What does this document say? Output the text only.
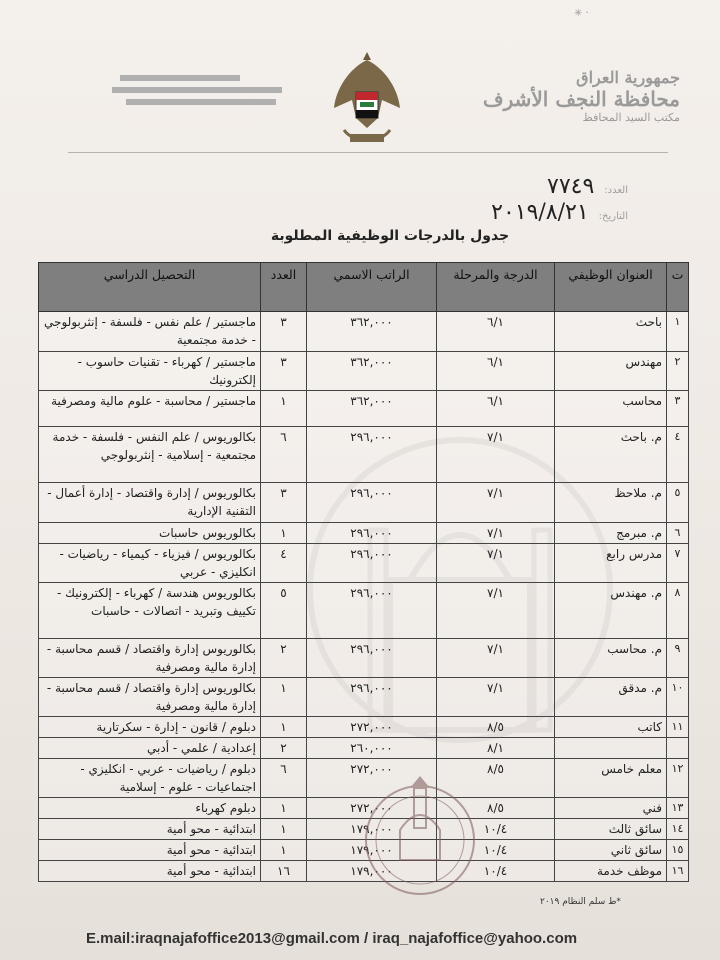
✳ ·
جمهورية العراق
محافظة النجف الأشرف
مكتب السيد المحافظ
العدد:
٧٧٤٩
التاريخ:
٢٠١٩/٨/٢١
جدول بالدرجات الوظيفية المطلوبة
ت	العنوان الوظيفي	الدرجة والمرحلة	الراتب الاسمي	العدد	التحصيل الدراسي
١	باحث	٦/١	٣٦٢,٠٠٠	٣	ماجستير / علم نفس - فلسفة - إنثربولوجي - خدمة مجتمعية
٢	مهندس	٦/١	٣٦٢,٠٠٠	٣	ماجستير / كهرباء - تقنيات حاسوب - إلكترونيك
٣	محاسب	٦/١	٣٦٢,٠٠٠	١	ماجستير / محاسبة - علوم مالية ومصرفية
٤	م. باحث	٧/١	٢٩٦,٠٠٠	٦	بكالوريوس / علم النفس - فلسفة - خدمة مجتمعية - إسلامية - إنثربولوجي
٥	م. ملاحظ	٧/١	٢٩٦,٠٠٠	٣	بكالوريوس / إدارة واقتصاد - إدارة أعمال - التقنية الإدارية
٦	م. مبرمج	٧/١	٢٩٦,٠٠٠	١	بكالوريوس حاسبات
٧	مدرس رابع	٧/١	٢٩٦,٠٠٠	٤	بكالوريوس / فيزياء - كيمياء - رياضيات - انكليزي - عربي
٨	م. مهندس	٧/١	٢٩٦,٠٠٠	٥	بكالوريوس هندسة / كهرباء - إلكترونيك - تكييف وتبريد - اتصالات - حاسبات
٩	م. محاسب	٧/١	٢٩٦,٠٠٠	٢	بكالوريوس إدارة واقتصاد / قسم محاسبة - إدارة مالية ومصرفية
١٠	م. مدقق	٧/١	٢٩٦,٠٠٠	١	بكالوريوس إدارة واقتصاد / قسم محاسبة - إدارة مالية ومصرفية
١١	كاتب	٨/٥	٢٧٢,٠٠٠	١	دبلوم / قانون - إدارة - سكرتارية
		٨/١	٢٦٠,٠٠٠	٢	إعدادية / علمي - أدبي
١٢	معلم خامس	٨/٥	٢٧٢,٠٠٠	٦	دبلوم / رياضيات - عربي - انكليزي - اجتماعيات - علوم - إسلامية
١٣	فني	٨/٥	٢٧٢,٠٠٠	١	دبلوم كهرباء
١٤	سائق ثالث	١٠/٤	١٧٩,٠٠٠	١	ابتدائية - محو أمية
١٥	سائق ثاني	١٠/٤	١٧٩,٠٠٠	١	ابتدائية - محو أمية
١٦	موظف خدمة	١٠/٤	١٧٩,٠٠٠	١٦	ابتدائية - محو أمية
*ط سلم النظام ٢٠١٩
E.mail:iraqnajafoffice2013@gmail.com / iraq_najafoffice@yahoo.com
